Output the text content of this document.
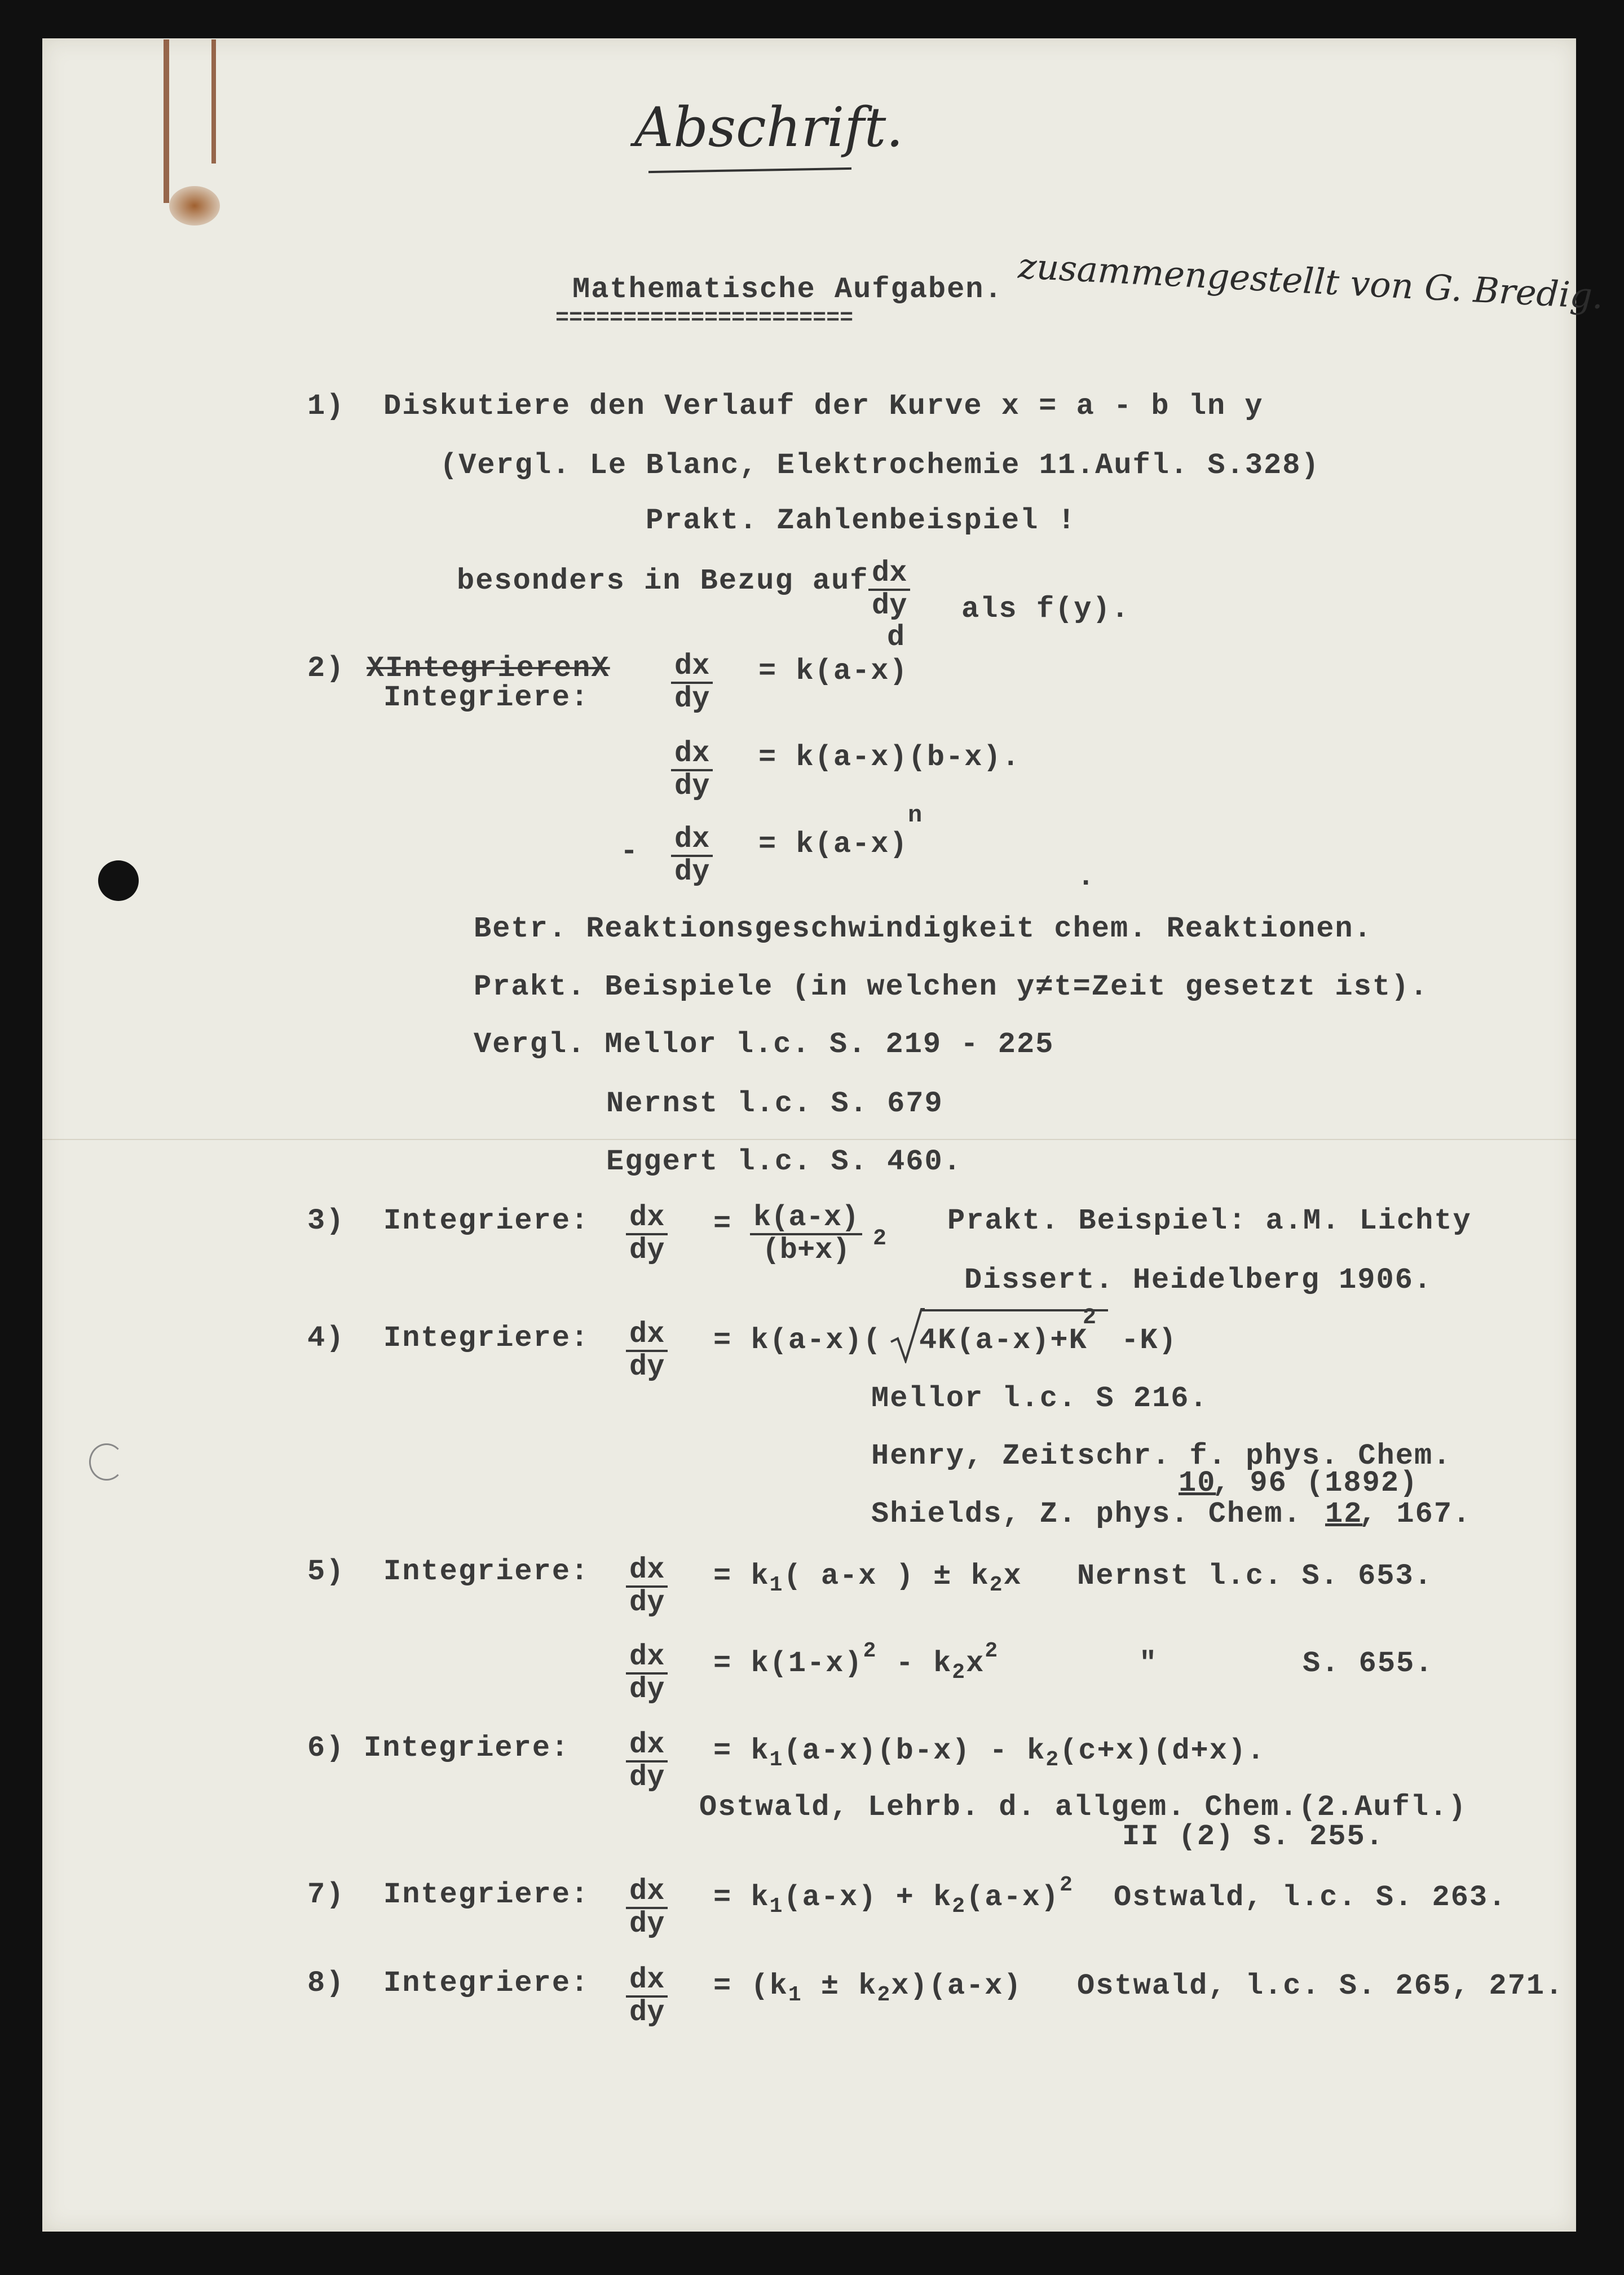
Abschrift.
Mathematische Aufgaben.
======================
zusammengestellt von G. Bredig.
1) Diskutiere den Verlauf der Kurve x = a - b ln y
(Vergl. Le Blanc, Elektrochemie 11.Aufl. S.328)
Prakt. Zahlenbeispiel !
besonders in Bezug auf $\frac{dx}{dy}$
d
als f(y).
2) XIntegrierenX
Integriere:	$\frac{dx}{dy} = k(a-x)$
$\frac{dx}{dy} = k(a-x)(b-x)$.
- $\frac{dx}{dy} = k(a-x)$
n
.
Betr. Reaktionsgeschwindigkeit chem. Reaktionen.
Prakt. Beispiele (in welchen y≠t=Zeit gesetzt ist).
Vergl. Mellor l.c. S. 219 - 225
Nernst l.c. S. 679
Eggert l.c. S. 460.
3) Integriere: $\frac{dx}{dy} = \frac{k(a-x)}{(b+x)} 2$
Prakt. Beispiel: a.M. Lichty
Dissert. Heidelberg 1906.
4) Integriere: $\frac{dx}{dy} = k(a-x)$( 4K(a-x)+K
2
-K)
Mellor l.c. S 216.
Henry, Zeitschr. f. phys. Chem.
10
, 96 (1892)
Shields, Z. phys. Chem. 12
, 167.
5) Integriere: $\frac{dx}{dy} = k_1$( a-x ) ± $k_2x$ Nernst l.c. S. 653.
$\frac{dx}{dy} = k(1-x)^2 - k_2x^2$	"	S. 655.
6) Integriere: $\frac{dx}{dy} = k_1(a-x)(b-x) - k_2(c+x)(d+x)$.
Ostwald, Lehrb. d. allgem. Chem.(2.Aufl.)
II (2) S. 255.
7) Integriere: $\frac{dx}{dy} = k_1(a-x) + k_2(a-x)^2$ Ostwald, l.c. S. 263.
8) Integriere: $\frac{dx}{dy} = (k_1 \pm k_2x)(a-x)$ Ostwald, l.c. S. 265, 271.
